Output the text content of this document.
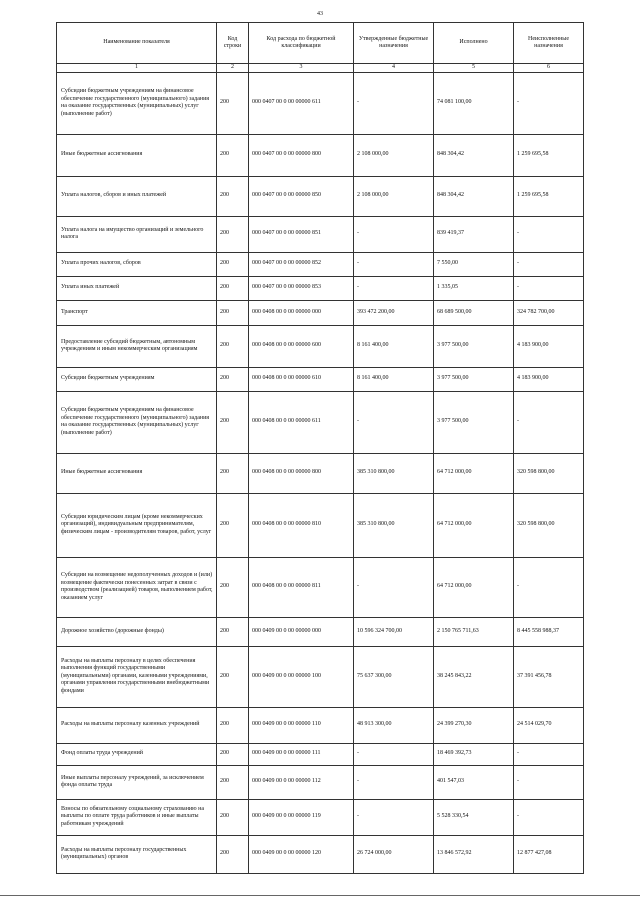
43
Наименование показателя	Код строки	Код расхода по бюджетной классификации	Утвержденные бюджетные назначения	Исполнено	Неисполненные назначения
1	2	3	4	5	6
Субсидии бюджетным учреждениям на финансовое обеспечение государственного (муниципального) задания на оказание государственных (муниципальных) услуг (выполнение работ)	200	000 0407 00 0 00 00000 611	-	74 081 100,00	-
Иные бюджетные ассигнования	200	000 0407 00 0 00 00000 800	2 108 000,00	848 304,42	1 259 695,58
Уплата налогов, сборов и иных платежей	200	000 0407 00 0 00 00000 850	2 108 000,00	848 304,42	1 259 695,58
Уплата налога на имущество организаций и земельного налога	200	000 0407 00 0 00 00000 851	-	839 419,37	-
Уплата прочих налогов, сборов	200	000 0407 00 0 00 00000 852	-	7 550,00	-
Уплата иных платежей	200	000 0407 00 0 00 00000 853	-	1 335,05	-
Транспорт	200	000 0408 00 0 00 00000 000	393 472 200,00	68 689 500,00	324 782 700,00
Предоставление субсидий бюджетным, автономным учреждениям и иным некоммерческим организациям	200	000 0408 00 0 00 00000 600	8 161 400,00	3 977 500,00	4 183 900,00
Субсидии бюджетным учреждениям	200	000 0408 00 0 00 00000 610	8 161 400,00	3 977 500,00	4 183 900,00
Субсидии бюджетным учреждениям на финансовое обеспечение государственного (муниципального) задания на оказание государственных (муниципальных) услуг (выполнение работ)	200	000 0408 00 0 00 00000 611	-	3 977 500,00	-
Иные бюджетные ассигнования	200	000 0408 00 0 00 00000 800	385 310 800,00	64 712 000,00	320 598 800,00
Субсидии юридическим лицам (кроме некоммерческих организаций), индивидуальным предпринимателям, физическим лицам - производителям товаров, работ, услуг	200	000 0408 00 0 00 00000 810	385 310 800,00	64 712 000,00	320 598 800,00
Субсидии на возмещение недополученных доходов и (или) возмещение фактически понесенных затрат в связи с производством (реализацией) товаров, выполнением работ, оказанием услуг	200	000 0408 00 0 00 00000 811	-	64 712 000,00	-
Дорожное хозяйство (дорожные фонды)	200	000 0409 00 0 00 00000 000	10 596 324 700,00	2 150 765 711,63	8 445 558 988,37
Расходы на выплаты персоналу в целях обеспечения выполнения функций государственными (муниципальными) органами, казенными учреждениями, органами управления государственными внебюджетными фондами	200	000 0409 00 0 00 00000 100	75 637 300,00	38 245 843,22	37 391 456,78
Расходы на выплаты персоналу казенных учреждений	200	000 0409 00 0 00 00000 110	48 913 300,00	24 399 270,30	24 514 029,70
Фонд оплаты труда учреждений	200	000 0409 00 0 00 00000 111	-	18 469 392,73	-
Иные выплаты персоналу учреждений, за исключением фонда оплаты труда	200	000 0409 00 0 00 00000 112	-	401 547,03	-
Взносы по обязательному социальному страхованию на выплаты по оплате труда работников и иные выплаты работникам учреждений	200	000 0409 00 0 00 00000 119	-	5 528 330,54	-
Расходы на выплаты персоналу государственных (муниципальных) органов	200	000 0409 00 0 00 00000 120	26 724 000,00	13 846 572,92	12 877 427,08
